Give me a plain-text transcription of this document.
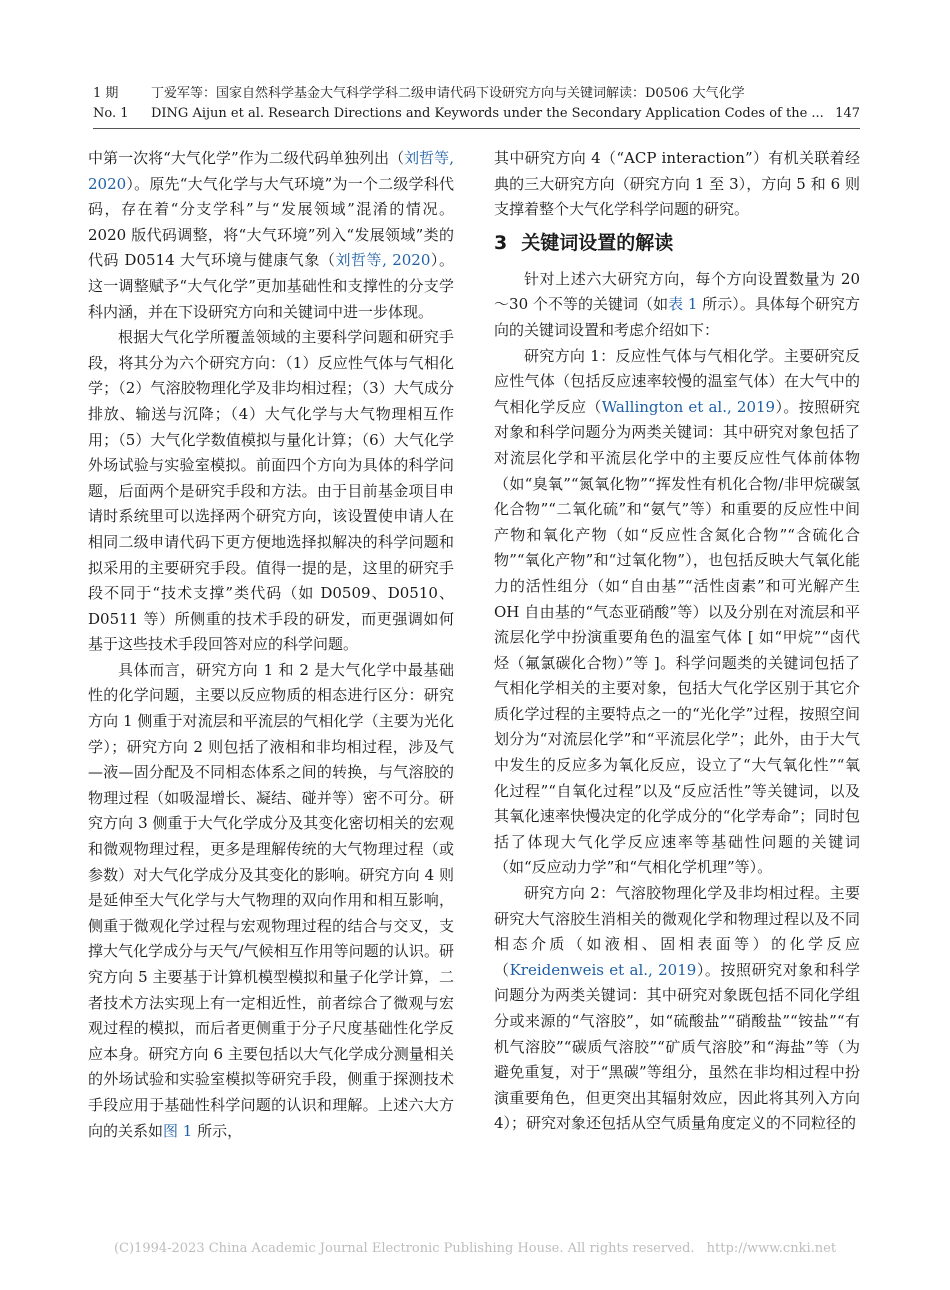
1 期	丁爱军等：国家自然科学基金大气科学学科二级申请代码下设研究方向与关键词解读：D0506 大气化学
No. 1 DING Aijun et al. Research Directions and Keywords under the Secondary Application Codes of the ... 147

中第一次将“大气化学”作为二级代码单独列出（刘哲等, 2020）。原先“大气化学与大气环境”为一个二级学科代码，存在着“分支学科”与“发展领域”混淆的情况。2020 版代码调整，将“大气环境”列入“发展领域”类的代码 D0514 大气环境与健康气象（刘哲等, 2020）。这一调整赋予“大气化学”更加基础性和支撑性的分支学科内涵，并在下设研究方向和关键词中进一步体现。

根据大气化学所覆盖领域的主要科学问题和研究手段，将其分为六个研究方向：（1）反应性气体与气相化学；（2）气溶胶物理化学及非均相过程；（3）大气成分排放、输送与沉降；（4）大气化学与大气物理相互作用；（5）大气化学数值模拟与量化计算；（6）大气化学外场试验与实验室模拟。前面四个方向为具体的科学问题，后面两个是研究手段和方法。由于目前基金项目申请时系统里可以选择两个研究方向，该设置使申请人在相同二级申请代码下更方便地选择拟解决的科学问题和拟采用的主要研究手段。值得一提的是，这里的研究手段不同于“技术支撑”类代码（如 D0509、D0510、D0511 等）所侧重的技术手段的研发，而更强调如何基于这些技术手段回答对应的科学问题。

具体而言，研究方向 1 和 2 是大气化学中最基础性的化学问题，主要以反应物质的相态进行区分：研究方向 1 侧重于对流层和平流层的气相化学（主要为光化学）；研究方向 2 则包括了液相和非均相过程，涉及气—液—固分配及不同相态体系之间的转换，与气溶胶的物理过程（如吸湿增长、凝结、碰并等）密不可分。研究方向 3 侧重于大气化学成分及其变化密切相关的宏观和微观物理过程，更多是理解传统的大气物理过程（或参数）对大气化学成分及其变化的影响。研究方向 4 则是延伸至大气化学与大气物理的双向作用和相互影响，侧重于微观化学过程与宏观物理过程的结合与交叉，支撑大气化学成分与天气/气候相互作用等问题的认识。研究方向 5 主要基于计算机模型模拟和量子化学计算，二者技术方法实现上有一定相近性，前者综合了微观与宏观过程的模拟，而后者更侧重于分子尺度基础性化学反应本身。研究方向 6 主要包括以大气化学成分测量相关的外场试验和实验室模拟等研究手段，侧重于探测技术手段应用于基础性科学问题的认识和理解。上述六大方向的关系如图 1 所示，

其中研究方向 4（“ACP interaction”）有机关联着经典的三大研究方向（研究方向 1 至 3），方向 5 和 6 则支撑着整个大气化学科学问题的研究。

3 关键词设置的解读

针对上述六大研究方向，每个方向设置数量为 20～30 个不等的关键词（如表 1 所示）。具体每个研究方向的关键词设置和考虑介绍如下：

研究方向 1：反应性气体与气相化学。主要研究反应性气体（包括反应速率较慢的温室气体）在大气中的气相化学反应（Wallington et al., 2019）。按照研究对象和科学问题分为两类关键词：其中研究对象包括了对流层化学和平流层化学中的主要反应性气体前体物（如“臭氧”“氮氧化物”“挥发性有机化合物/非甲烷碳氢化合物”“二氧化硫”和“氨气”等）和重要的反应性中间产物和氧化产物（如“反应性含氮化合物”“含硫化合物”“氧化产物”和“过氧化物”），也包括反映大气氧化能力的活性组分（如“自由基”“活性卤素”和可光解产生 OH 自由基的“气态亚硝酸”等）以及分别在对流层和平流层化学中扮演重要角色的温室气体 [ 如“甲烷”“卤代烃（氟氯碳化合物）”等 ]。科学问题类的关键词包括了气相化学相关的主要对象，包括大气化学区别于其它介质化学过程的主要特点之一的“光化学”过程，按照空间划分为“对流层化学”和“平流层化学”；此外，由于大气中发生的反应多为氧化反应，设立了“大气氧化性”“氧化过程”“自氧化过程”以及“反应活性”等关键词，以及其氧化速率快慢决定的化学成分的“化学寿命”；同时包括了体现大气化学反应速率等基础性问题的关键词（如“反应动力学”和“气相化学机理”等）。

研究方向 2：气溶胶物理化学及非均相过程。主要研究大气溶胶生消相关的微观化学和物理过程以及不同相态介质（如液相、固相表面等）的化学反应（Kreidenweis et al., 2019）。按照研究对象和科学问题分为两类关键词：其中研究对象既包括不同化学组分或来源的“气溶胶”，如“硫酸盐”“硝酸盐”“铵盐”“有机气溶胶”“碳质气溶胶”“矿质气溶胶”和“海盐”等（为避免重复，对于“黑碳”等组分，虽然在非均相过程中扮演重要角色，但更突出其辐射效应，因此将其列入方向 4）；研究对象还包括从空气质量角度定义的不同粒径的

(C)1994-2023 China Academic Journal Electronic Publishing House. All rights reserved. http://www.cnki.net
